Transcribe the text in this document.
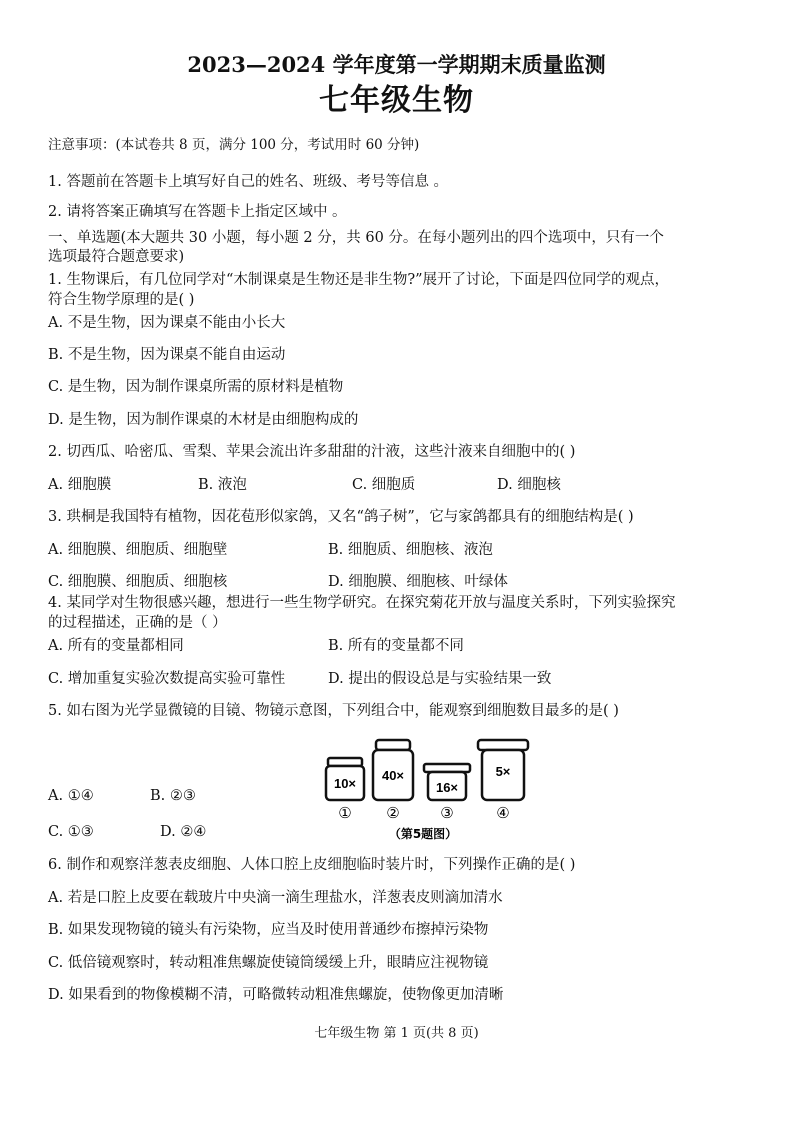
2023—2024 学年度第一学期期末质量监测
七年级生物
注意事项：(本试卷共 8 页，满分 100 分，考试用时 60 分钟)
1. 答题前在答题卡上填写好自己的姓名、班级、考号等信息 。
2. 请将答案正确填写在答题卡上指定区域中 。
一、单选题(本大题共 30 小题，每小题 2 分，共 60 分。在每小题列出的四个选项中，只有一个
选项最符合题意要求)
1. 生物课后，有几位同学对“木制课桌是生物还是非生物?”展开了讨论，下面是四位同学的观点，
符合生物学原理的是( )
A. 不是生物，因为课桌不能由小长大
B. 不是生物，因为课桌不能自由运动
C. 是生物，因为制作课桌所需的原材料是植物
D. 是生物，因为制作课桌的木材是由细胞构成的
2. 切西瓜、哈密瓜、雪梨、苹果会流出许多甜甜的汁液，这些汁液来自细胞中的( )
A. 细胞膜	B. 液泡	C. 细胞质	D. 细胞核
3. 珙桐是我国特有植物，因花苞形似家鸽，又名“鸽子树”，它与家鸽都具有的细胞结构是( )
A. 细胞膜、细胞质、细胞壁	B. 细胞质、细胞核、液泡
C. 细胞膜、细胞质、细胞核	D. 细胞膜、细胞核、叶绿体
4. 某同学对生物很感兴趣，想进行一些生物学研究。在探究菊花开放与温度关系时，下列实验探究
的过程描述，正确的是（ ）
A. 所有的变量都相同	B. 所有的变量都不同
C. 增加重复实验次数提高实验可靠性	D. 提出的假设总是与实验结果一致
5. 如右图为光学显微镜的目镜、物镜示意图，下列组合中，能观察到细胞数目最多的是( )
A. ①④	B. ②③
C. ①③	D. ②④
10×
①
40×
②
16×
③
5×
④
（第5题图）
6. 制作和观察洋葱表皮细胞、人体口腔上皮细胞临时装片时，下列操作正确的是( )
A. 若是口腔上皮要在载玻片中央滴一滴生理盐水，洋葱表皮则滴加清水
B. 如果发现物镜的镜头有污染物，应当及时使用普通纱布擦掉污染物
C. 低倍镜观察时，转动粗准焦螺旋使镜筒缓缓上升，眼睛应注视物镜
D. 如果看到的物像模糊不清，可略微转动粗准焦螺旋，使物像更加清晰
七年级生物 第 1 页(共 8 页)
